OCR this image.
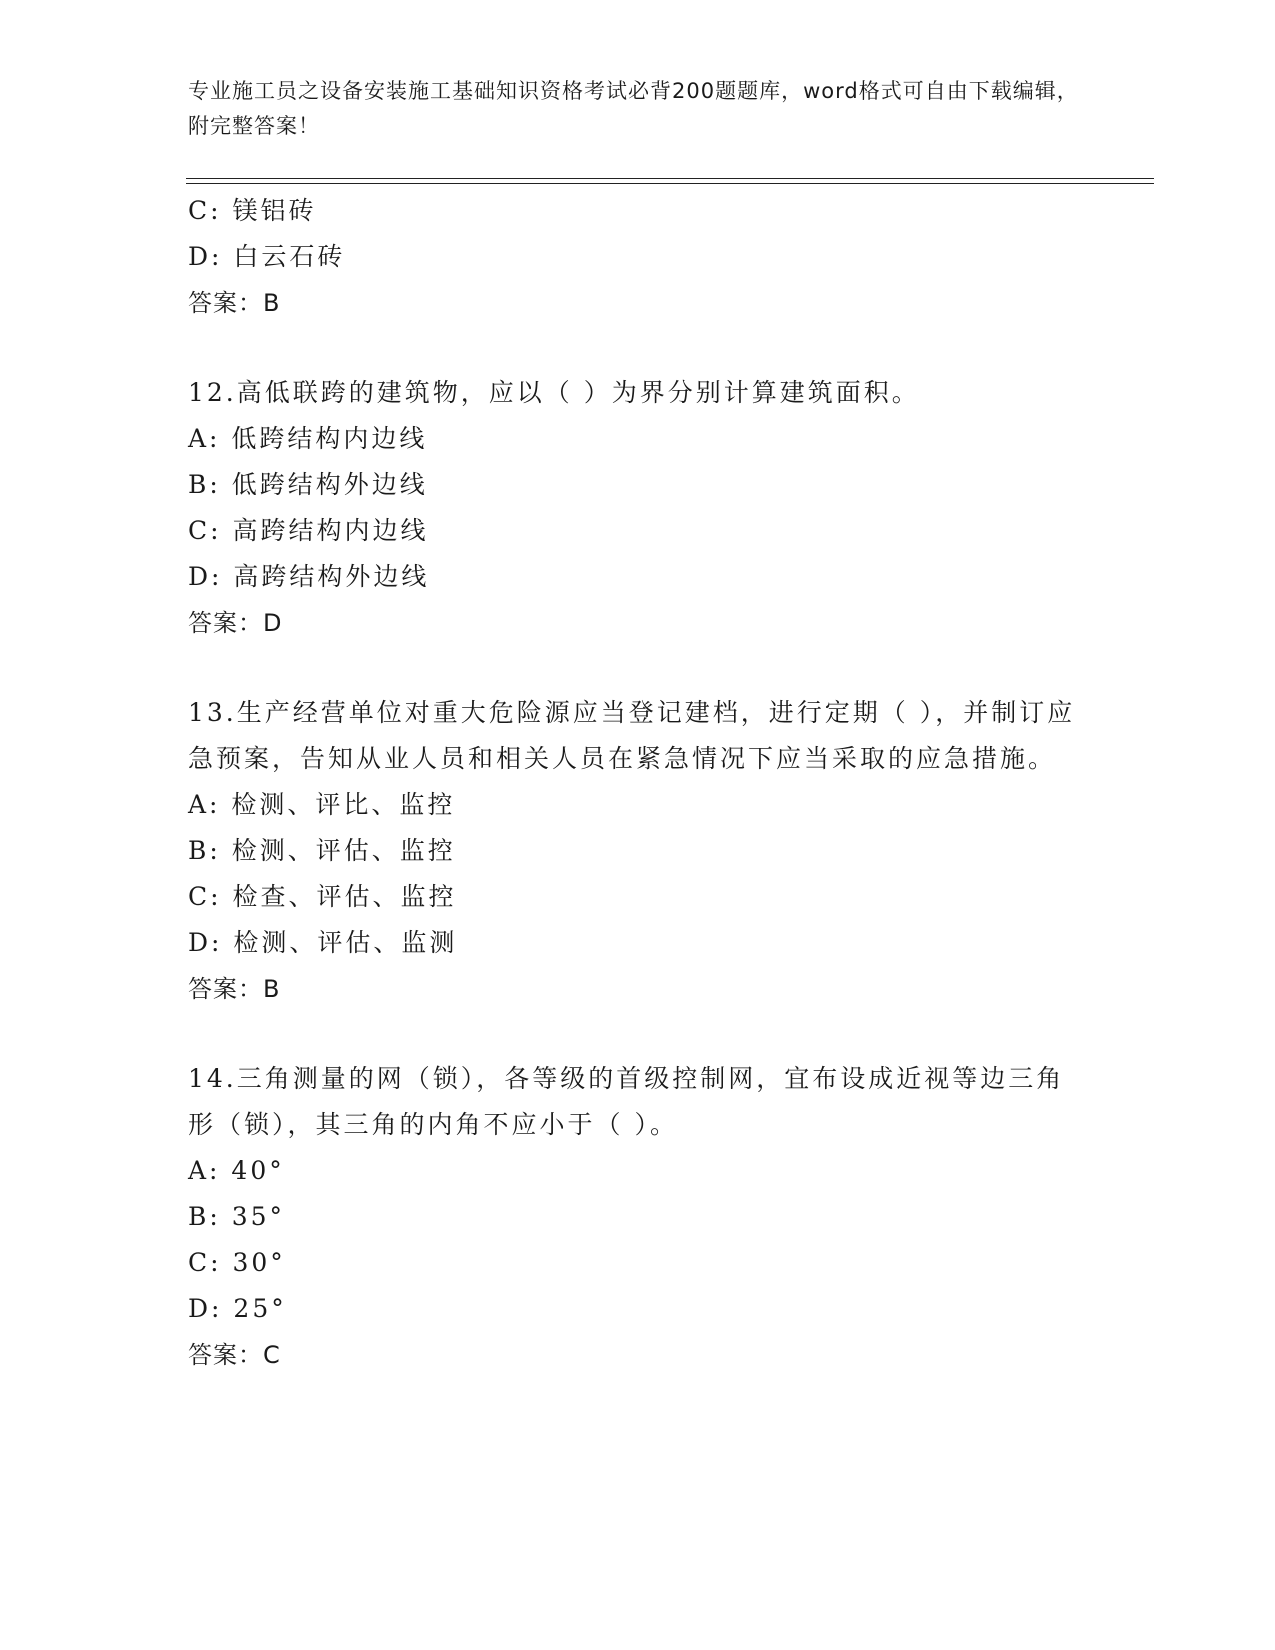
专业施工员之设备安装施工基础知识资格考试必背200题题库，word格式可自由下载编辑，附完整答案！
C: 镁铝砖
D: 白云石砖
答案：B
12.高低联跨的建筑物，应以（ ）为界分别计算建筑面积。
A: 低跨结构内边线
B: 低跨结构外边线
C: 高跨结构内边线
D: 高跨结构外边线
答案：D
13.生产经营单位对重大危险源应当登记建档，进行定期（ ），并制订应急预案，告知从业人员和相关人员在紧急情况下应当采取的应急措施。
A: 检测、评比、监控
B: 检测、评估、监控
C: 检查、评估、监控
D: 检测、评估、监测
答案：B
14.三角测量的网（锁），各等级的首级控制网，宜布设成近视等边三角形（锁），其三角的内角不应小于（ ）。
A: 40°
B: 35°
C: 30°
D: 25°
答案：C
